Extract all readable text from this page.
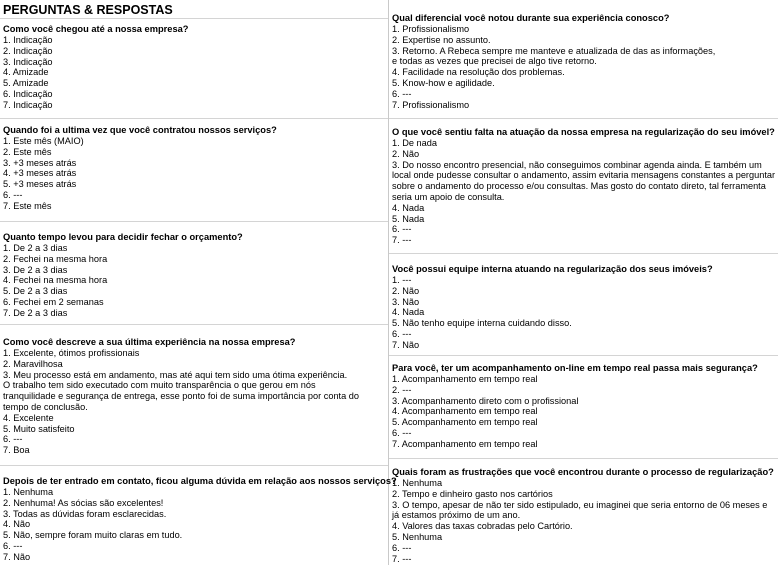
PERGUNTAS & RESPOSTAS

Como você chegou até a nossa empresa?

1. Indicação
2. Indicação
3. Indicação
4. Amizade
5. Amizade
6. Indicação
7. Indicação

Quando foi a ultima vez que você contratou nossos serviços?

1. Este mês (MAIO)
2. Este mês
3. +3 meses atrás
4. +3 meses atrás
5. +3 meses atrás
6. ---
7. Este mês

Quanto tempo levou para decidir fechar o orçamento?

1. De 2 a 3 dias
2. Fechei na mesma hora
3. De 2 a 3 dias
4. Fechei na mesma hora
5. De 2 a 3 dias
6. Fechei em 2 semanas
7. De 2 a 3 dias

Como você descreve a sua última experiência na nossa empresa?

1. Excelente, ótimos profissionais
2. Maravilhosa
3. Meu processo está em andamento, mas até aqui tem sido uma ótima experiência.
O trabalho tem sido executado com muito transparência o que gerou em nós
tranquilidade e segurança de entrega, esse ponto foi de suma importância por conta do
tempo de conclusão.
4. Excelente
5. Muito satisfeito
6. ---
7. Boa

Depois de ter entrado em contato, ficou alguma dúvida em relação aos nossos serviços?

1. Nenhuma
2. Nenhuma! As sócias são excelentes!
3. Todas as dúvidas foram esclarecidas.
4. Não
5. Não, sempre foram muito claras em tudo.
6. ---
7. Não

Qual diferencial você notou durante sua experiência conosco?

1. Profissionalismo
2. Expertise no assunto.
3. Retorno. A Rebeca sempre me manteve e atualizada de das as informações,
e todas as vezes que precisei de algo tive retorno.
4. Facilidade na resolução dos problemas.
5. Know-how e agilidade.
6. ---
7. Profissionalismo

O que você sentiu falta na atuação da nossa empresa na regularização do seu imóvel?

1. De nada
2. Não
3. Do nosso encontro presencial, não conseguimos combinar agenda ainda. E também um
local onde pudesse consultar o andamento, assim evitaria mensagens constantes a perguntar
sobre o andamento do processo e/ou consultas. Mas gosto do contato direto, tal ferramenta
seria um apoio de consulta.
4. Nada
5. Nada
6. ---
7. ---

Você possui equipe interna atuando na regularização dos seus imóveis?

1. ---
2. Não
3. Não
4. Nada
5. Não tenho equipe interna cuidando disso.
6. ---
7. Não

Para você, ter um acompanhamento on-line em tempo real passa mais segurança?

1. Acompanhamento em tempo real
2. ---
3. Acompanhamento direto com o profissional
4. Acompanhamento em tempo real
5. Acompanhamento em tempo real
6. ---
7. Acompanhamento em tempo real

Quais foram as frustrações que você encontrou durante o processo de regularização?

1. Nenhuma
2. Tempo e dinheiro gasto nos cartórios
3. O tempo, apesar de não ter sido estipulado, eu imaginei que seria entorno de 06 meses e
já estamos próximo de um ano.
4. Valores das taxas cobradas pelo Cartório.
5. Nenhuma
6. ---
7. ---
